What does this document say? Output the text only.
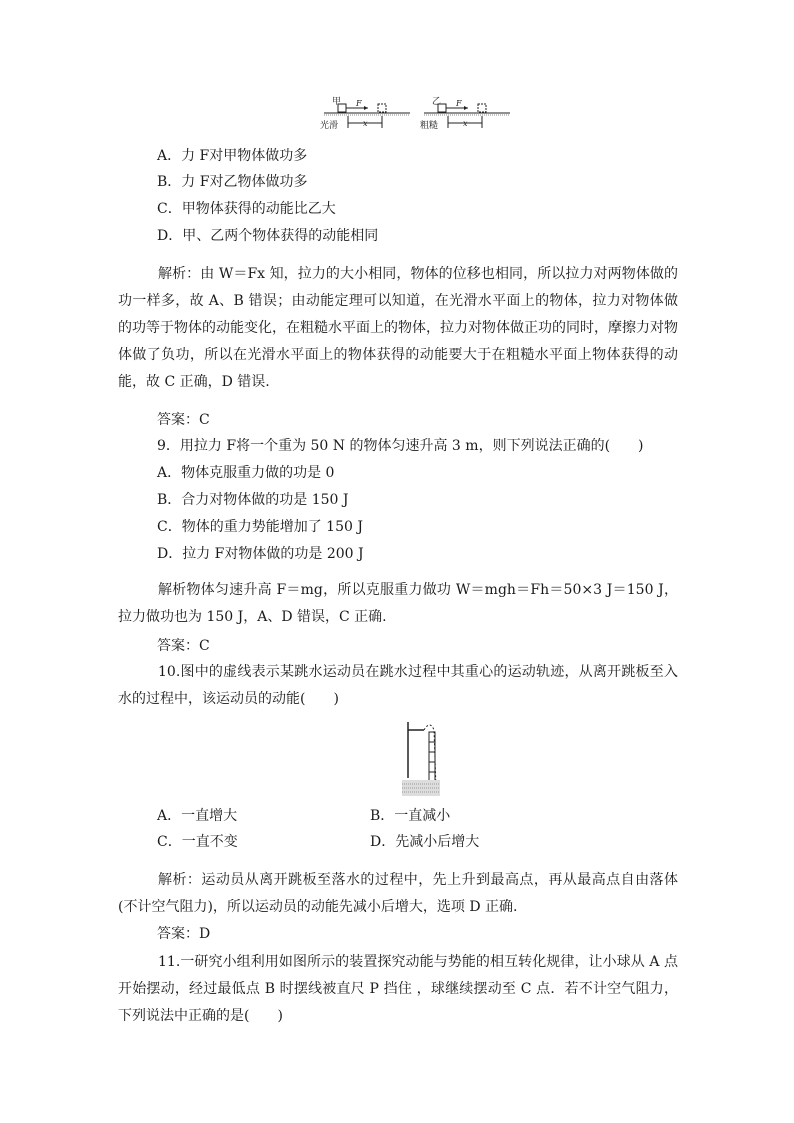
甲 F
光滑	x
乙 F
粗糙	x
A．力 F对甲物体做功多
B．力 F对乙物体做功多
C．甲物体获得的动能比乙大
D．甲、乙两个物体获得的动能相同
解析：由 W＝Fx 知，拉力的大小相同，物体的位移也相同，所以拉力对两物体做的功一样多，故 A、B 错误；由动能定理可以知道，在光滑水平面上的物体，拉力对物体做的功等于物体的动能变化，在粗糙水平面上的物体，拉力对物体做正功的同时，摩擦力对物体做了负功，所以在光滑水平面上的物体获得的动能要大于在粗糙水平面上物体获得的动能，故 C 正确，D 错误.
答案：C
9．用拉力 F将一个重为 50 N 的物体匀速升高 3 m，则下列说法正确的(　　)
A．物体克服重力做的功是 0
B．合力对物体做的功是 150 J
C．物体的重力势能增加了 150 J
D．拉力 F对物体做的功是 200 J
解析物体匀速升高 F＝mg，所以克服重力做功 W＝mgh＝Fh＝50×3 J＝150 J，拉力做功也为 150 J，A、D 错误，C 正确.
答案：C
10.图中的虚线表示某跳水运动员在跳水过程中其重心的运动轨迹，从离开跳板至入水的过程中，该运动员的动能(　　)
A．一直增大	B．一直减小
C．一直不变	D．先减小后增大
解析：运动员从离开跳板至落水的过程中，先上升到最高点，再从最高点自由落体(不计空气阻力)，所以运动员的动能先减小后增大，选项 D 正确.
答案：D
11.一研究小组利用如图所示的装置探究动能与势能的相互转化规律，让小球从 A 点开始摆动，经过最低点 B 时摆线被直尺 P 挡住 ，球继续摆动至 C 点．若不计空气阻力，下列说法中正确的是(　　)
